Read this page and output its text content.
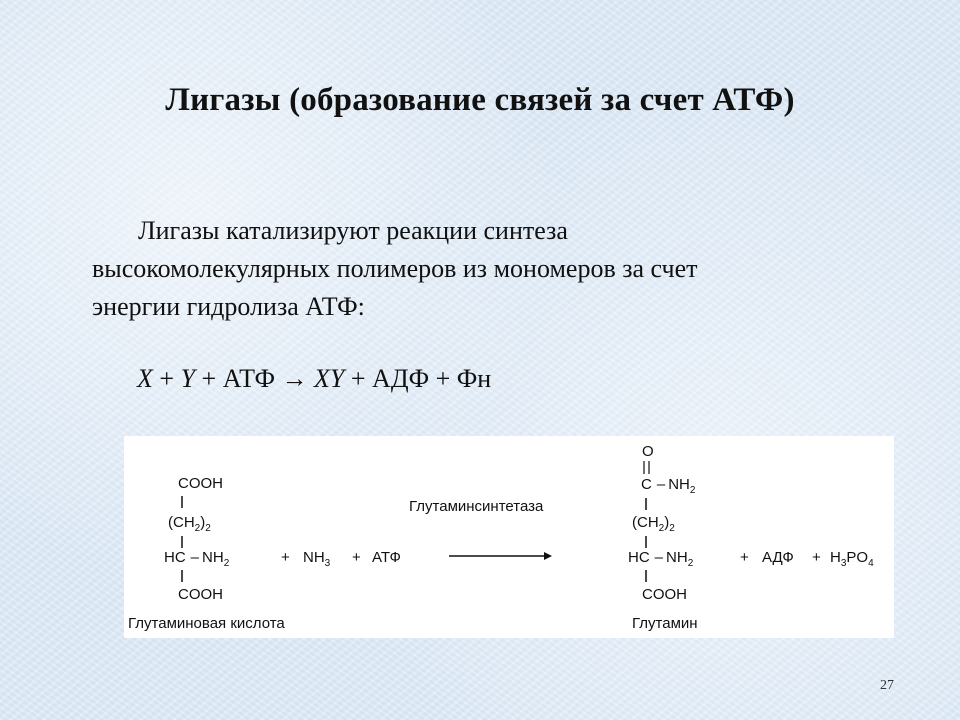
Лигазы (образование связей за счет АТФ)
Лигазы катализируют реакции синтеза
высокомолекулярных полимеров из мономеров за счет
энергии гидролиза АТФ:
X + Y + АТФ → XY + АДФ + Фн
COOH
$(CH_2)_2$
HC – $NH_2$
COOH
Глутаминовая кислота
+ $NH_3$ + АТФ
Глутаминсинтетаза
O
C – $NH_2$
$(CH_2)_2$
HC – $NH_2$
COOH
Глутамин
+ АДФ + $H_3PO_4$
27
